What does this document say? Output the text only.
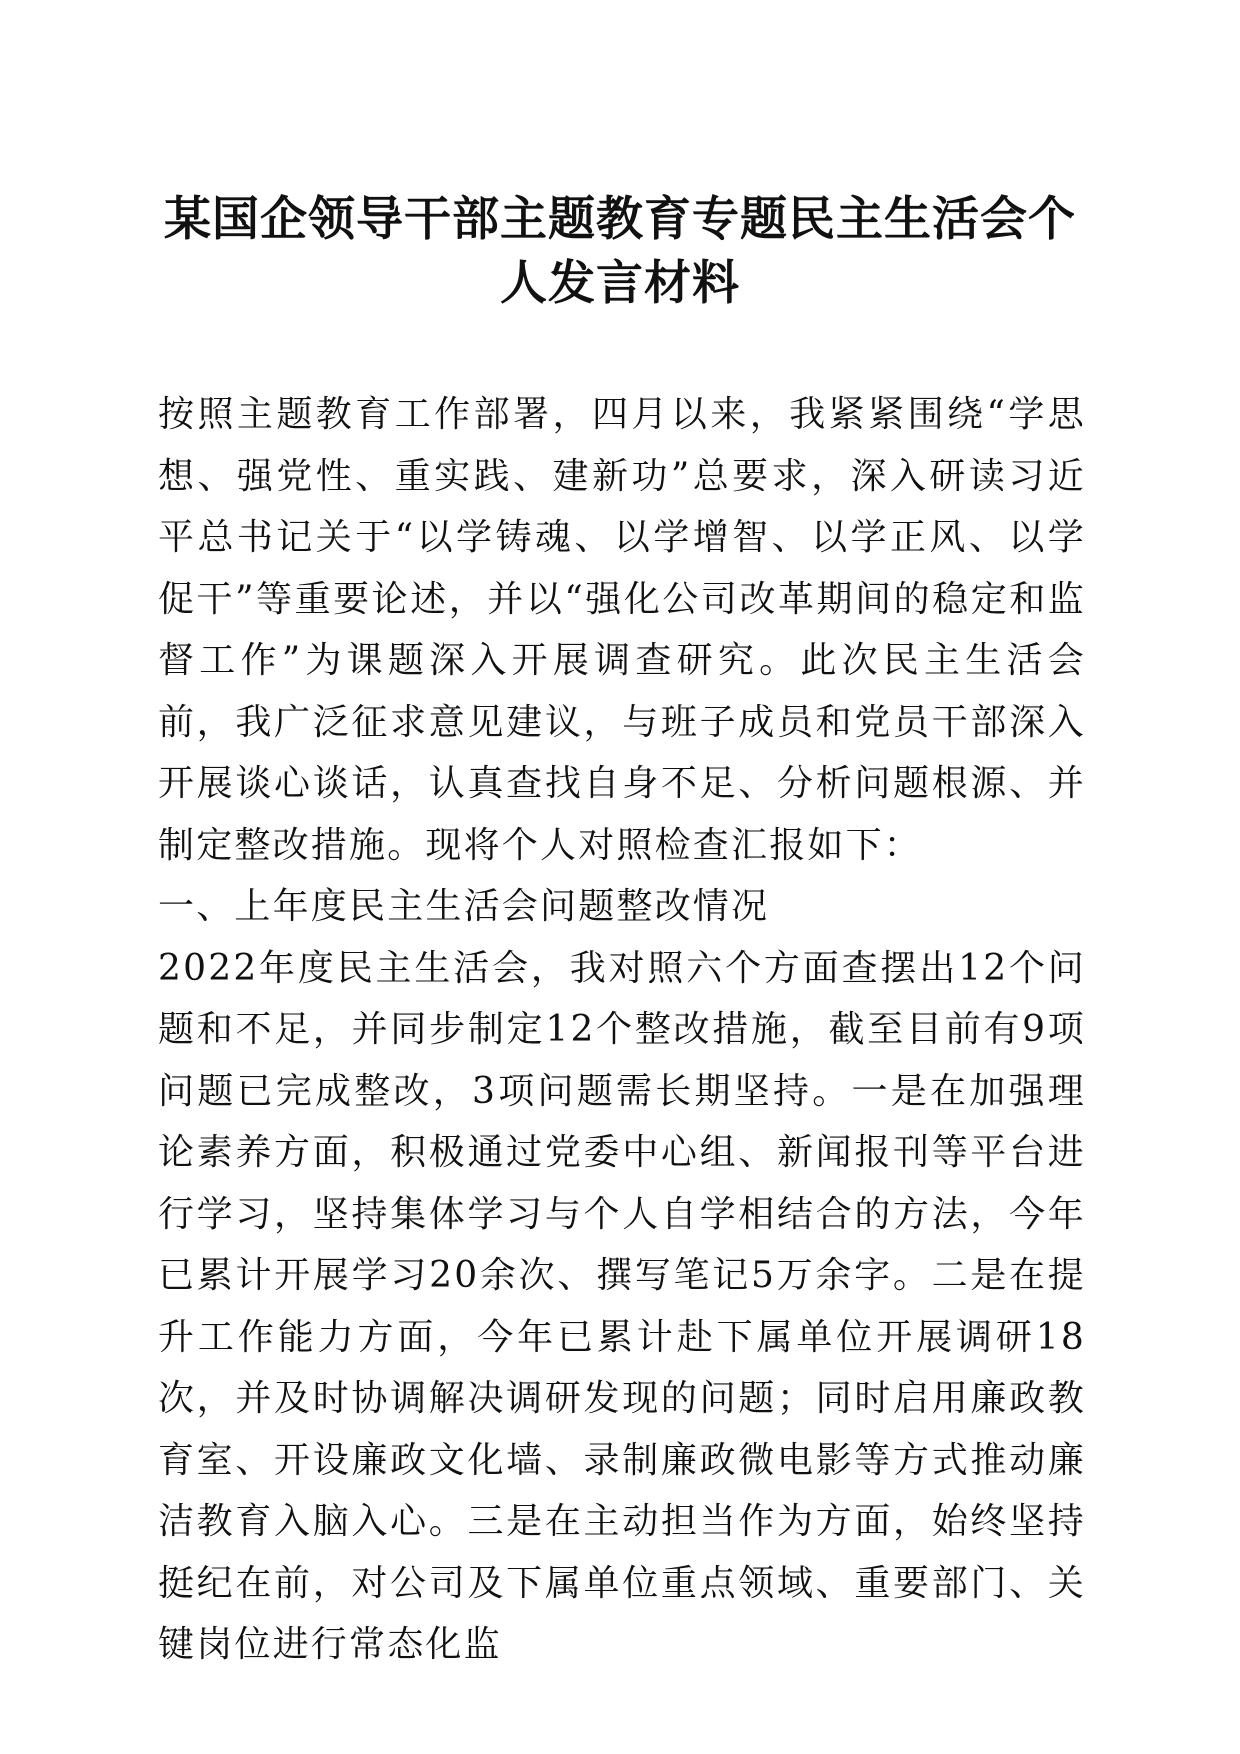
某国企领导干部主题教育专题民主生活会个人发言材料

按照主题教育工作部署，四月以来，我紧紧围绕“学思想、强党性、重实践、建新功”总要求，深入研读习近平总书记关于“以学铸魂、以学增智、以学正风、以学促干”等重要论述，并以“强化公司改革期间的稳定和监督工作”为课题深入开展调查研究。此次民主生活会前，我广泛征求意见建议，与班子成员和党员干部深入开展谈心谈话，认真查找自身不足、分析问题根源、并制定整改措施。现将个人对照检查汇报如下：

一、上年度民主生活会问题整改情况

2022年度民主生活会，我对照六个方面查摆出12个问题和不足，并同步制定12个整改措施，截至目前有9项问题已完成整改，3项问题需长期坚持。一是在加强理论素养方面，积极通过党委中心组、新闻报刊等平台进行学习，坚持集体学习与个人自学相结合的方法，今年已累计开展学习20余次、撰写笔记5万余字。二是在提升工作能力方面，今年已累计赴下属单位开展调研18次，并及时协调解决调研发现的问题；同时启用廉政教育室、开设廉政文化墙、录制廉政微电影等方式推动廉洁教育入脑入心。三是在主动担当作为方面，始终坚持挺纪在前，对公司及下属单位重点领域、重要部门、关键岗位进行常态化监
